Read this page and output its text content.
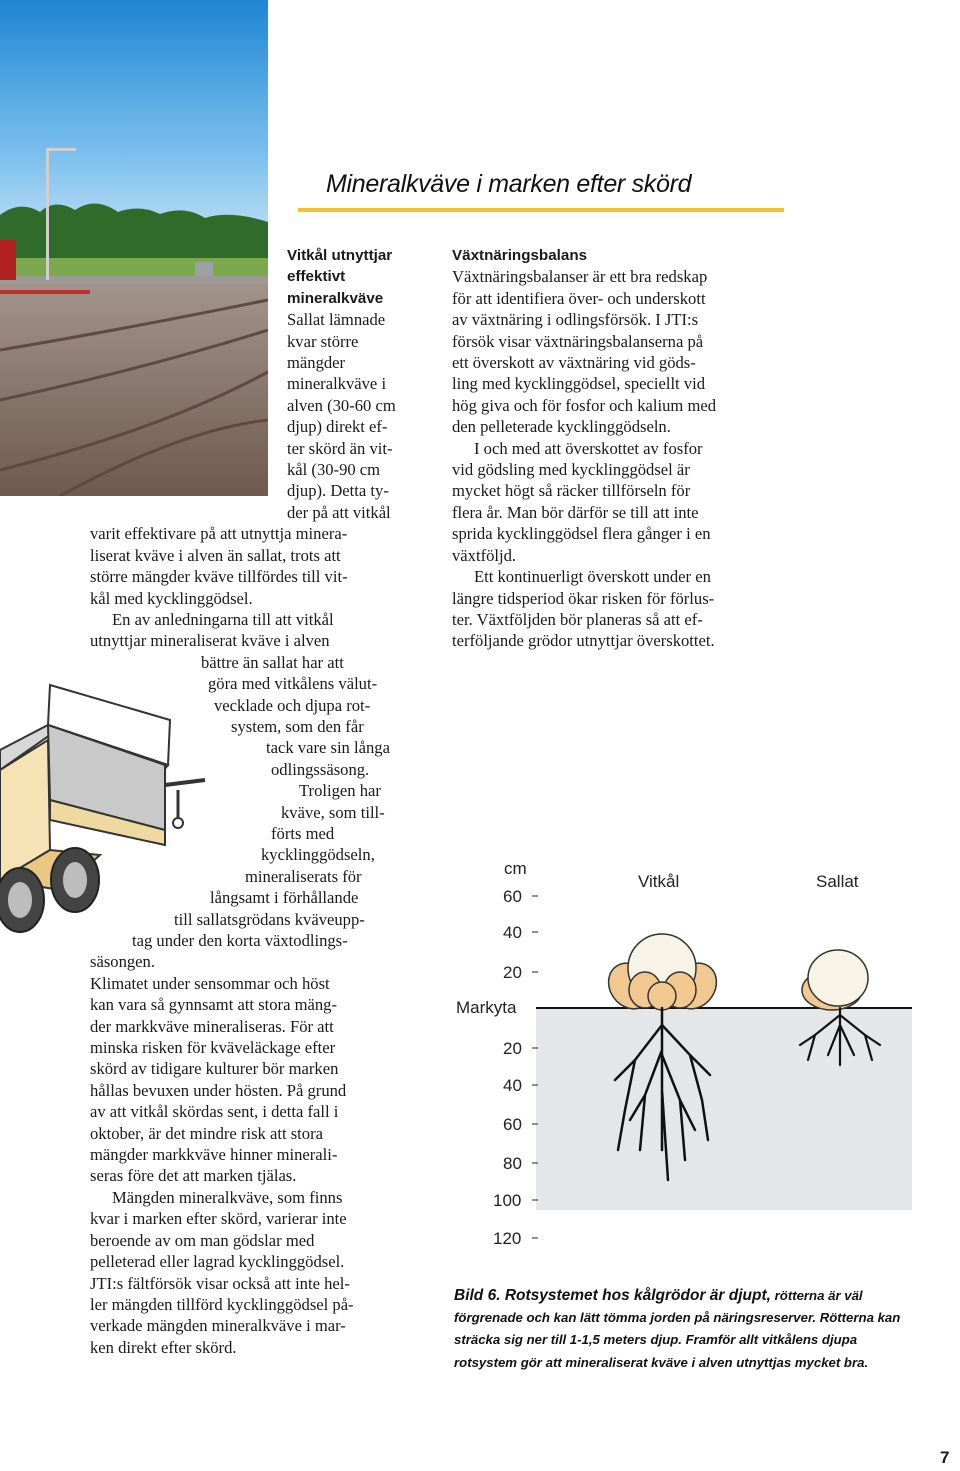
Mineralkväve i marken efter skörd
Vitkål utnyttjar
effektivt
mineralkväve

Sallat lämnade
kvar större
mängder
mineralkväve i
alven (30-60 cm
djup) direkt ef-
ter skörd än vit-
kål (30-90 cm
djup). Detta ty-
der på att vitkål
varit effektivare på att utnyttja minera-
liserat kväve i alven än sallat, trots att
större mängder kväve tillfördes till vit-
kål med kycklinggödsel.

En av anledningarna till att vitkål
utnyttjar mineraliserat kväve i alven
bättre än sallat har att
göra med vitkålens välut-
vecklade och djupa rot-
system, som den får
tack vare sin långa
odlingssäsong.
Troligen har
kväve, som till-
förts med
kycklinggödseln,
mineraliserats för
långsamt i förhållande
till sallatsgrödans kväveupp-
tag under den korta växtodlings-
säsongen.
Klimatet under sensommar och höst
kan vara så gynnsamt att stora mäng-
der markkväve mineraliseras. För att
minska risken för kväveläckage efter
skörd av tidigare kulturer bör marken
hållas bevuxen under hösten. På grund
av att vitkål skördas sent, i detta fall i
oktober, är det mindre risk att stora
mängder markkväve hinner minerali-
seras före det att marken tjälas.

Mängden mineralkväve, som finns
kvar i marken efter skörd, varierar inte
beroende av om man gödslar med
pelleterad eller lagrad kycklinggödsel.
JTI:s fältförsök visar också att inte hel-
ler mängden tillförd kycklinggödsel på-
verkade mängden mineralkväve i mar-
ken direkt efter skörd.

Växtnäringsbalans

Växtnäringsbalanser är ett bra redskap
för att identifiera över- och underskott
av växtnäring i odlingsförsök. I JTI:s
försök visar växtnäringsbalanserna på
ett överskott av växtnäring vid göds-
ling med kycklinggödsel, speciellt vid
hög giva och för fosfor och kalium med
den pelleterade kycklinggödseln.

I och med att överskottet av fosfor
vid gödsling med kycklinggödsel är
mycket högt så räcker tillförseln för
flera år. Man bör därför se till att inte
sprida kycklinggödsel flera gånger i en
växtföljd.

Ett kontinuerligt överskott under en
längre tidsperiod ökar risken för förlus-
ter. Växtföljden bör planeras så att ef-
terföljande grödor utnyttjar överskottet.

cm
60
40
20
Markyta
20
40
60
80
100
120
Vitkål	Sallat
Bild 6. Rotsystemet hos kålgrödor är djupt, rötterna är väl
förgrenade och kan lätt tömma jorden på näringsreserver. Rötterna kan
sträcka sig ner till 1-1,5 meters djup. Framför allt vitkålens djupa
rotsystem gör att mineraliserat kväve i alven utnyttjas mycket bra.
7
